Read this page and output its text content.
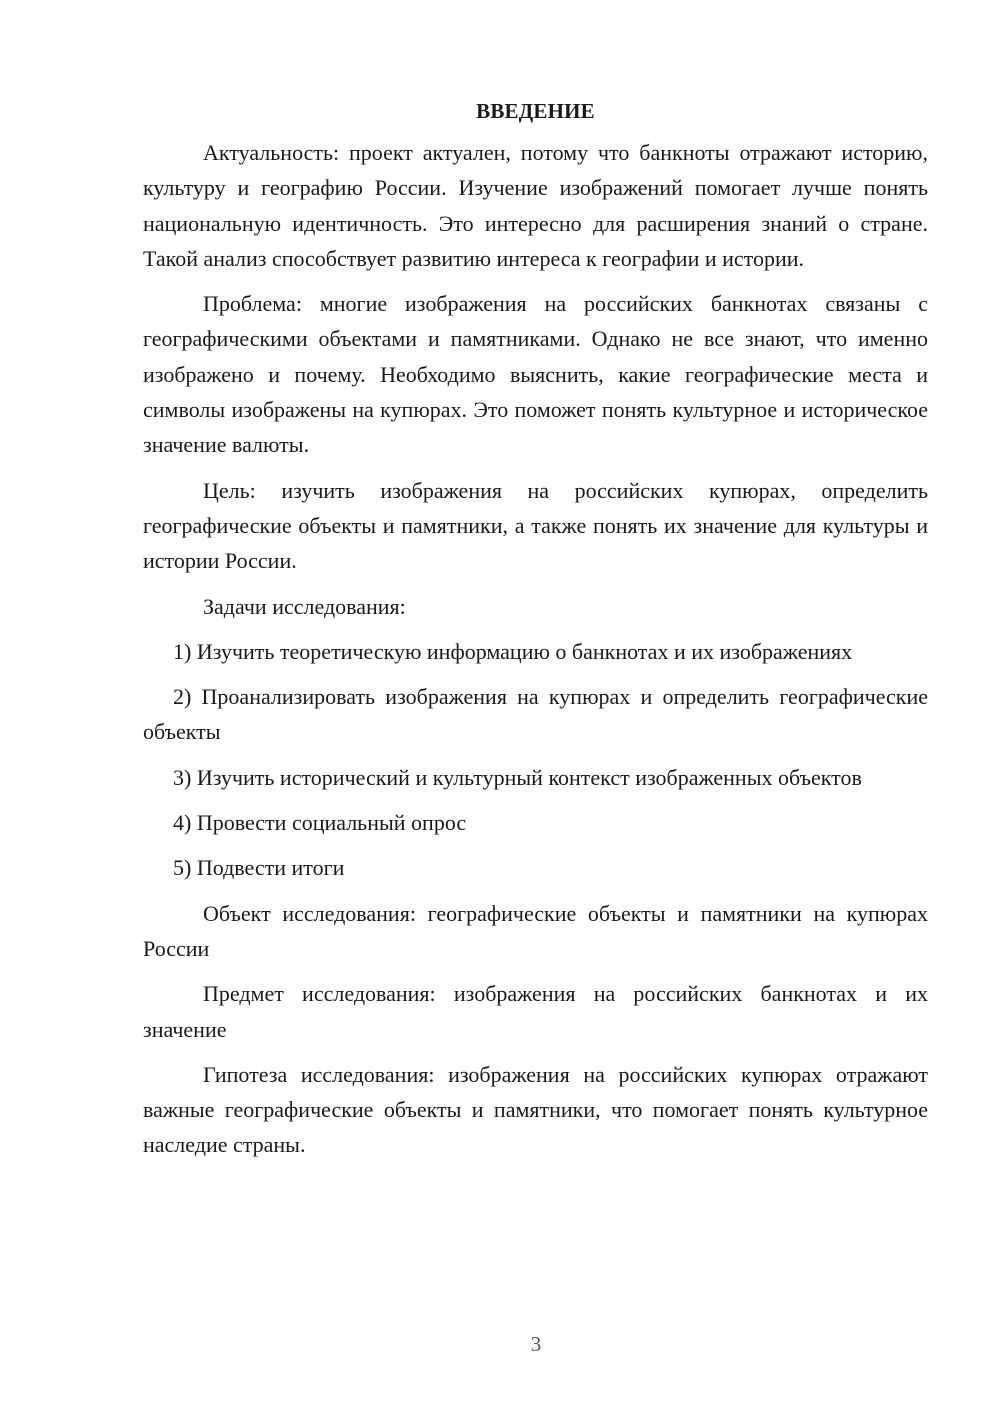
ВВЕДЕНИЕ

Актуальность: проект актуален, потому что банкноты отражают историю, культуру и географию России. Изучение изображений помогает лучше понять национальную идентичность. Это интересно для расширения знаний о стране. Такой анализ способствует развитию интереса к географии и истории.

Проблема: многие изображения на российских банкнотах связаны с географическими объектами и памятниками. Однако не все знают, что именно изображено и почему. Необходимо выяснить, какие географические места и символы изображены на купюрах. Это поможет понять культурное и историческое значение валюты.

Цель: изучить изображения на российских купюрах, определить географические объекты и памятники, а также понять их значение для культуры и истории России.

Задачи исследования:

1) Изучить теоретическую информацию о банкнотах и их изображениях

2) Проанализировать изображения на купюрах и определить географические объекты

3) Изучить исторический и культурный контекст изображенных объектов

4) Провести социальный опрос

5) Подвести итоги

Объект исследования: географические объекты и памятники на купюрах России

Предмет исследования: изображения на российских банкнотах и их значение

Гипотеза исследования: изображения на российских купюрах отражают важные географические объекты и памятники, что помогает понять культурное наследие страны.

3
